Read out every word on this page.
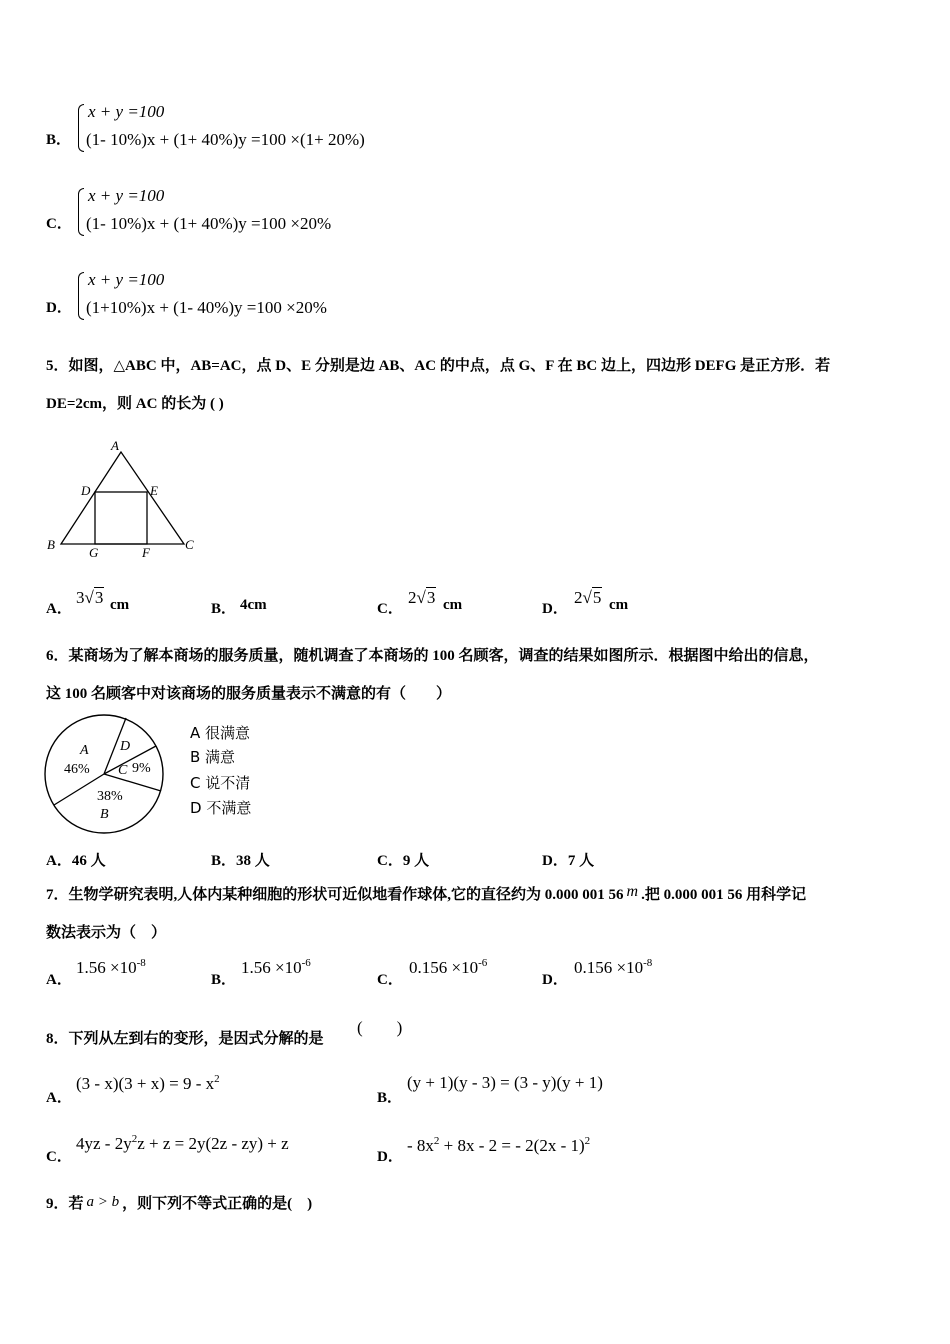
B．
x + y =100
(1- 10%)x + (1+ 40%)y =100 ×(1+ 20%)
C．
x + y =100
(1- 10%)x + (1+ 40%)y =100 ×20%
D．
x + y =100
(1+10%)x + (1- 40%)y =100 ×20%
5．如图，△ABC 中，AB=AC，点 D、E 分别是边 AB、AC 的中点，点 G、F 在 BC 边上，四边形 DEFG 是正方形．若
DE=2cm，则 AC 的长为 ( )
A
D	E
B
G	F
C
A．
3√3 cm	B． 4cm	C．
2√3 cm	D．
2√5 cm
6．某商场为了解本商场的服务质量，随机调查了本商场的 100 名顾客，调查的结果如图所示．根据图中给出的信息，
这 100 名顾客中对该商场的服务质量表示不满意的有（　　）
A
46%
D
C 9%
38%
B
A 很满意
B 满意
C 说不清
D 不满意
A．46 人	B．38 人	C．9 人	D．7 人
7．生物学研究表明,人体内某种细胞的形状可近似地看作球体,它的直径约为 0.000 001 56 m .把 0.000 001 56 用科学记
数法表示为（　）
A．
$1.56 \times 10^{-8}$
B．
$1.56 \times 10^{-6}$
C．
$0.156 \times 10^{-6}$
D．
$0.156 \times 10^{-8}$
8．下列从左到右的变形，是因式分解的是
(　　)
A．
$(3 - x)(3 + x) = 9 - x^2$
B．
(y + 1)(y - 3) = (3 - y)(y + 1)
C．
$4yz - 2y^2z + z = 2y(2z - zy) + z$
D．
- $8x^2 + 8x - 2$ = - 2(2x - 1)$^2$
9．若 a > b ，则下列不等式正确的是(　)
